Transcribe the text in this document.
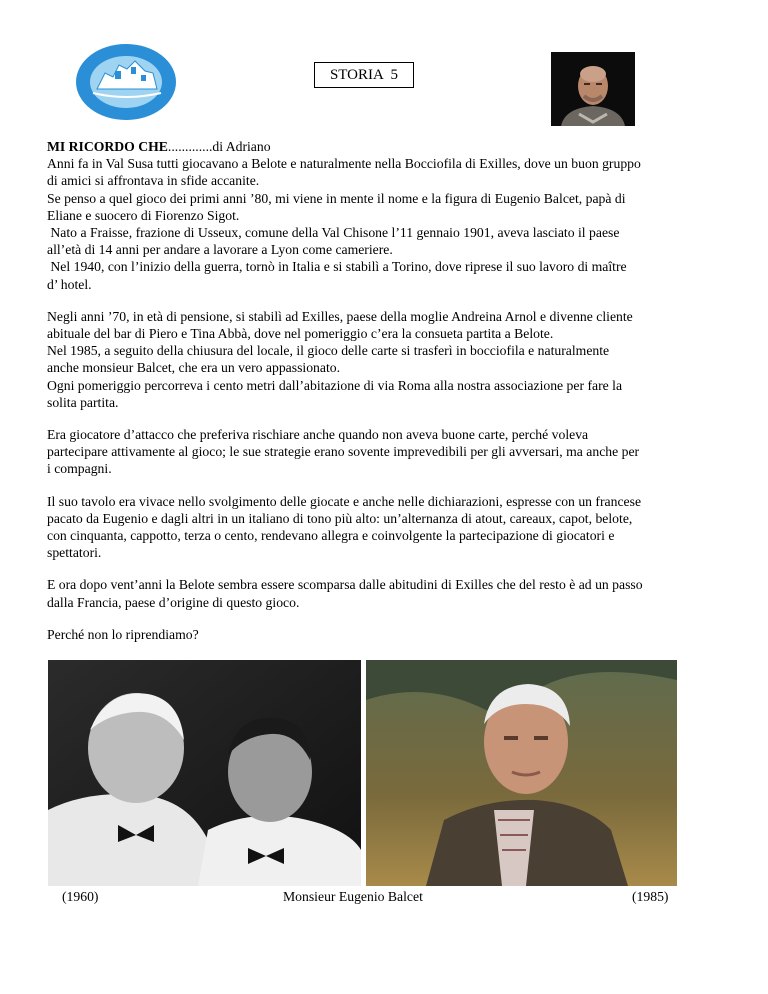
STORIA  5

MI RICORDO CHE.............di Adriano
Anni fa in Val Susa tutti giocavano a Belote e naturalmente nella Bocciofila di Exilles, dove un buon gruppo
di amici si affrontava in sfide accanite.
Se penso a quel gioco dei primi anni ’80, mi viene in mente il nome e la figura di Eugenio Balcet, papà di
Eliane e suocero di Fiorenzo Sigot.
Nato a Fraisse, frazione di Usseux, comune della Val Chisone l’11 gennaio 1901, aveva lasciato il paese
all’età di 14 anni per andare a lavorare a Lyon come cameriere.
Nel 1940, con l’inizio della guerra, tornò in Italia e si stabilì a Torino, dove riprese il suo lavoro di maître
d’ hotel.

Negli anni ’70, in età di pensione, si stabilì ad Exilles, paese della moglie Andreina Arnol e divenne cliente
abituale del bar di Piero e Tina Abbà, dove nel pomeriggio c’era la consueta partita a Belote.
Nel 1985, a seguito della chiusura del locale, il gioco delle carte si trasferì in bocciofila e naturalmente
anche monsieur Balcet, che era un vero appassionato.
Ogni pomeriggio percorreva i cento metri dall’abitazione di via Roma alla nostra associazione per fare la
solita partita.

Era giocatore d’attacco che preferiva rischiare anche quando non aveva buone carte, perché voleva
partecipare attivamente al gioco; le sue strategie erano sovente imprevedibili per gli avversari, ma anche per
i compagni.

Il suo tavolo era vivace nello svolgimento delle giocate e anche nelle dichiarazioni, espresse con un francese
pacato da Eugenio e dagli altri in un italiano di tono più alto: un’alternanza di atout, careaux, capot, belote,
con cinquanta, cappotto, terza o cento, rendevano allegra e coinvolgente la partecipazione di giocatori e
spettatori.

E ora dopo vent’anni la Belote sembra essere scomparsa dalle abitudini di Exilles che del resto è ad un passo
dalla Francia, paese d’origine di questo gioco.

Perché non lo riprendiamo?

(1960)	Monsieur Eugenio Balcet	(1985)
